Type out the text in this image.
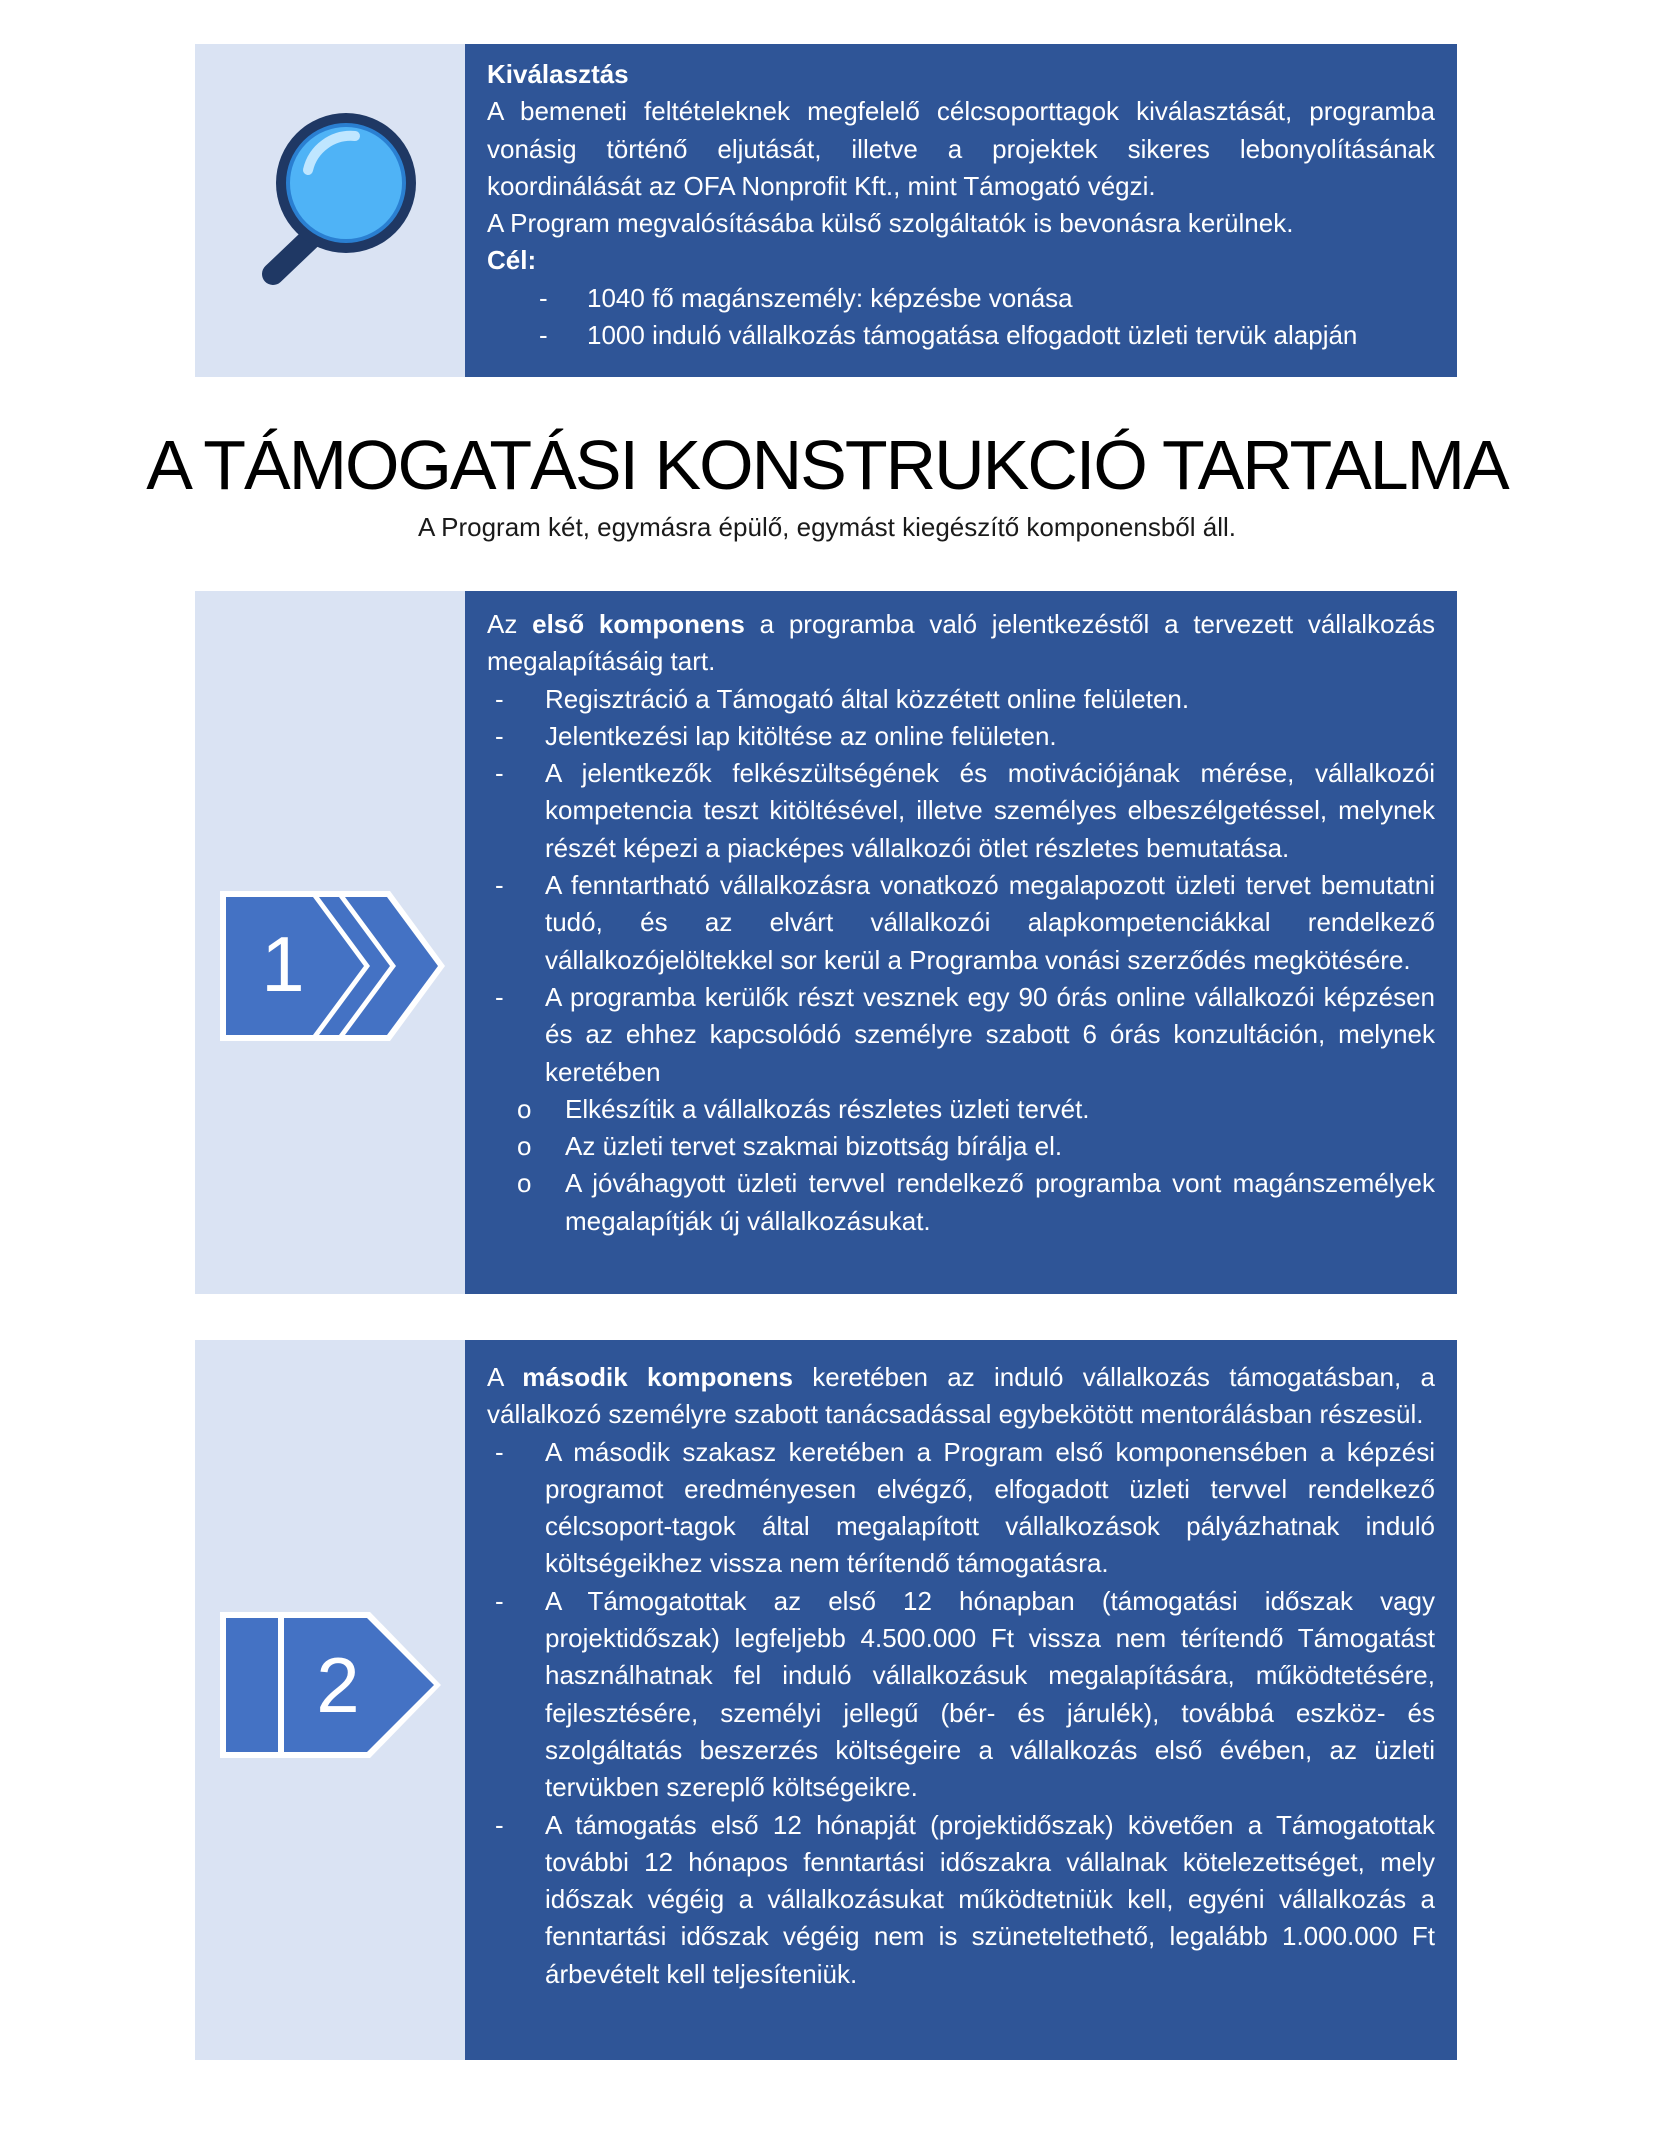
Kiválasztás
A bemeneti feltételeknek megfelelő célcsoporttagok kiválasztását, programba vonásig történő eljutását, illetve a projektek sikeres lebonyolításának koordinálását az OFA Nonprofit Kft., mint Támogató végzi.
A Program megvalósításába külső szolgáltatók is bevonásra kerülnek.
Cél:
- 1040 fő magánszemély: képzésbe vonása
- 1000 induló vállalkozás támogatása elfogadott üzleti tervük alapján
A TÁMOGATÁSI KONSTRUKCIÓ TARTALMA
A Program két, egymásra épülő, egymást kiegészítő komponensből áll.
1
Az első komponens a programba való jelentkezéstől a tervezett vállalkozás megalapításáig tart.
- Regisztráció a Támogató által közzétett online felületen.
- Jelentkezési lap kitöltése az online felületen.
- A jelentkezők felkészültségének és motivációjának mérése, vállalkozói kompetencia teszt kitöltésével, illetve személyes elbeszélgetéssel, melynek részét képezi a piacképes vállalkozói ötlet részletes bemutatása.
- A fenntartható vállalkozásra vonatkozó megalapozott üzleti tervet bemutatni tudó, és az elvárt vállalkozói alapkompetenciákkal rendelkező vállalkozójelöltekkel sor kerül a Programba vonási szerződés megkötésére.
- A programba kerülők részt vesznek egy 90 órás online vállalkozói képzésen és az ehhez kapcsolódó személyre szabott 6 órás konzultáción, melynek keretében
o Elkészítik a vállalkozás részletes üzleti tervét.
o Az üzleti tervet szakmai bizottság bírálja el.
o A jóváhagyott üzleti tervvel rendelkező programba vont magánszemélyek megalapítják új vállalkozásukat.
2
A második komponens keretében az induló vállalkozás támogatásban, a vállalkozó személyre szabott tanácsadással egybekötött mentorálásban részesül.
- A második szakasz keretében a Program első komponensében a képzési programot eredményesen elvégző, elfogadott üzleti tervvel rendelkező célcsoport-tagok által megalapított vállalkozások pályázhatnak induló költségeikhez vissza nem térítendő támogatásra.
- A Támogatottak az első 12 hónapban (támogatási időszak vagy projektidőszak) legfeljebb 4.500.000 Ft vissza nem térítendő Támogatást használhatnak fel induló vállalkozásuk megalapítására, működtetésére, fejlesztésére, személyi jellegű (bér- és járulék), továbbá eszköz- és szolgáltatás beszerzés költségeire a vállalkozás első évében, az üzleti tervükben szereplő költségeikre.
- A támogatás első 12 hónapját (projektidőszak) követően a Támogatottak további 12 hónapos fenntartási időszakra vállalnak kötelezettséget, mely időszak végéig a vállalkozásukat működtetniük kell, egyéni vállalkozás a fenntartási időszak végéig nem is szüneteltethető, legalább 1.000.000 Ft árbevételt kell teljesíteniük.
